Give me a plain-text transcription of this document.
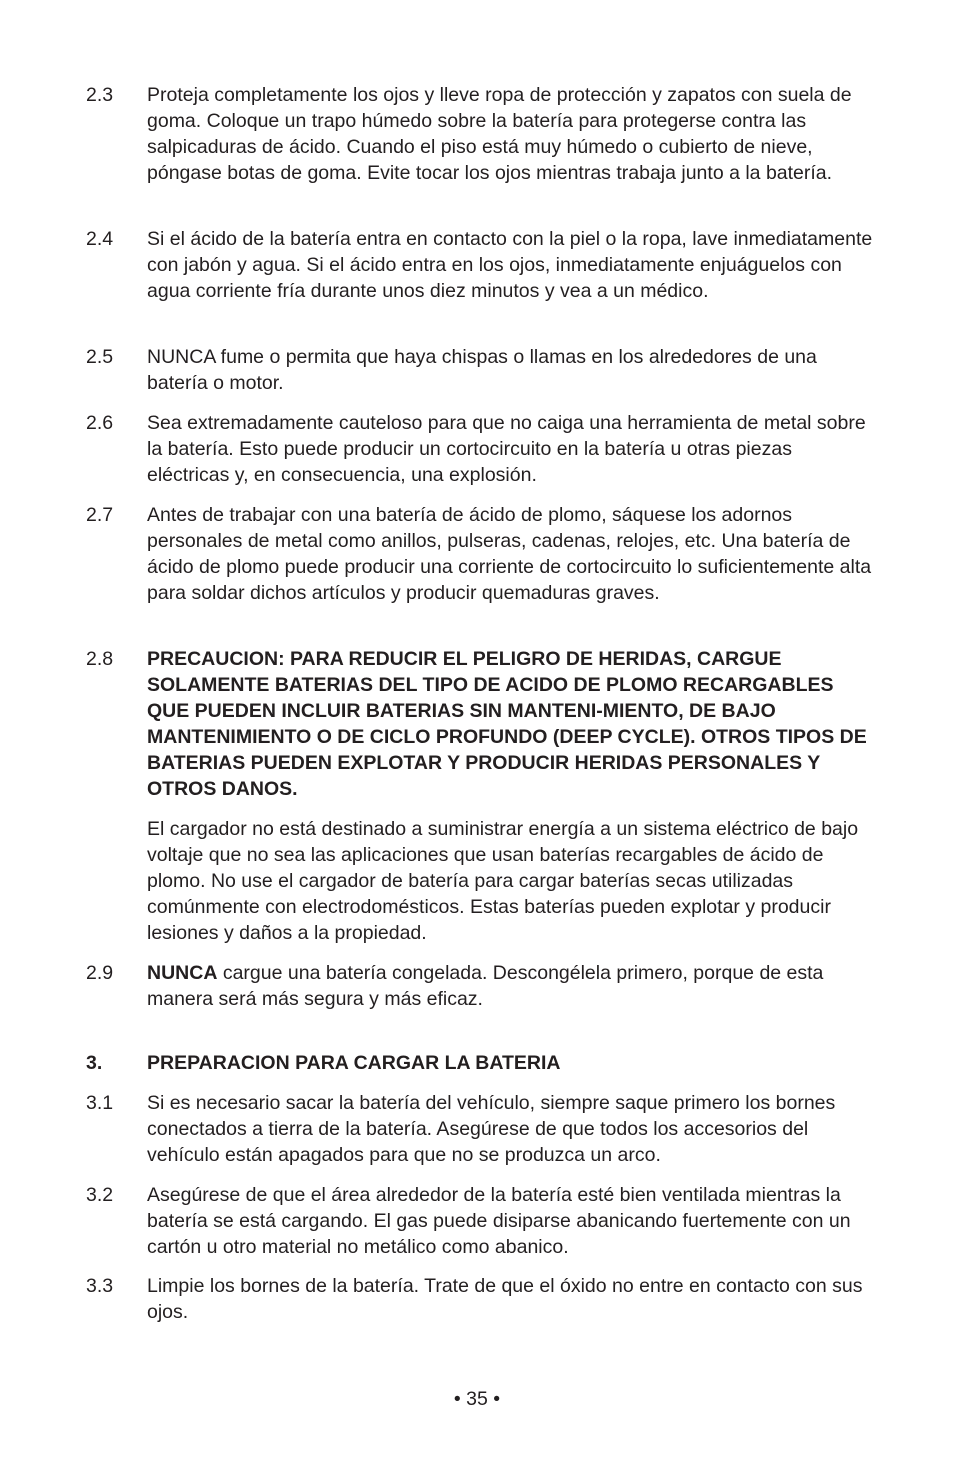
2.3	Proteja completamente los ojos y lleve ropa de protección y zapatos con suela de goma. Coloque un trapo húmedo sobre la batería para protegerse contra las salpicaduras de ácido. Cuando el piso está muy húmedo o cubierto de nieve, póngase botas de goma. Evite tocar los ojos mientras trabaja junto a la batería.
2.4	Si el ácido de la batería entra en contacto con la piel o la ropa, lave inmediatamente con jabón y agua. Si el ácido entra en los ojos, inmediatamente enjuáguelos con agua corriente fría durante unos diez minutos y vea a un médico.
2.5	NUNCA fume o permita que haya chispas o llamas en los alrededores de una batería o motor.
2.6	Sea extremadamente cauteloso para que no caiga una herramienta de metal sobre la batería. Esto puede producir un cortocircuito en la batería u otras piezas eléctricas y, en consecuencia, una explosión.
2.7	Antes de trabajar con una batería de ácido de plomo, sáquese los adornos personales de metal como anillos, pulseras, cadenas, relojes, etc. Una batería de ácido de plomo puede producir una corriente de cortocircuito lo suficientemente alta para soldar dichos artículos y producir quemaduras graves.
2.8	PRECAUCION: PARA REDUCIR EL PELIGRO DE HERIDAS, CARGUE SOLAMENTE BATERIAS DEL TIPO DE ACIDO DE PLOMO RECARGABLES QUE PUEDEN INCLUIR BATERIAS SIN MANTENI-MIENTO, DE BAJO MANTENIMIENTO O DE CICLO PROFUNDO (DEEP CYCLE). OTROS TIPOS DE BATERIAS PUEDEN EXPLOTAR Y PRODUCIR HERIDAS PERSONALES Y OTROS DANOS.
El cargador no está destinado a suministrar energía a un sistema eléctrico de bajo voltaje que no sea las aplicaciones que usan baterías recargables de ácido de plomo. No use el cargador de batería para cargar baterías secas utilizadas comúnmente con electrodomésticos. Estas baterías pueden explotar y producir lesiones y daños a la propiedad.
2.9	NUNCA cargue una batería congelada. Descongélela primero, porque de esta manera será más segura y más eficaz.
3.	PREPARACION PARA CARGAR LA BATERIA
3.1	Si es necesario sacar la batería del vehículo, siempre saque primero los bornes conectados a tierra de la batería. Asegúrese de que todos los accesorios del vehículo están apagados para que no se produzca un arco.
3.2	Asegúrese de que el área alrededor de la batería esté bien ventilada mientras la batería se está cargando. El gas puede disiparse abanicando fuertemente con un cartón u otro material no metálico como abanico.
3.3	Limpie los bornes de la batería. Trate de que el óxido no entre en contacto con sus ojos.
• 35 •
